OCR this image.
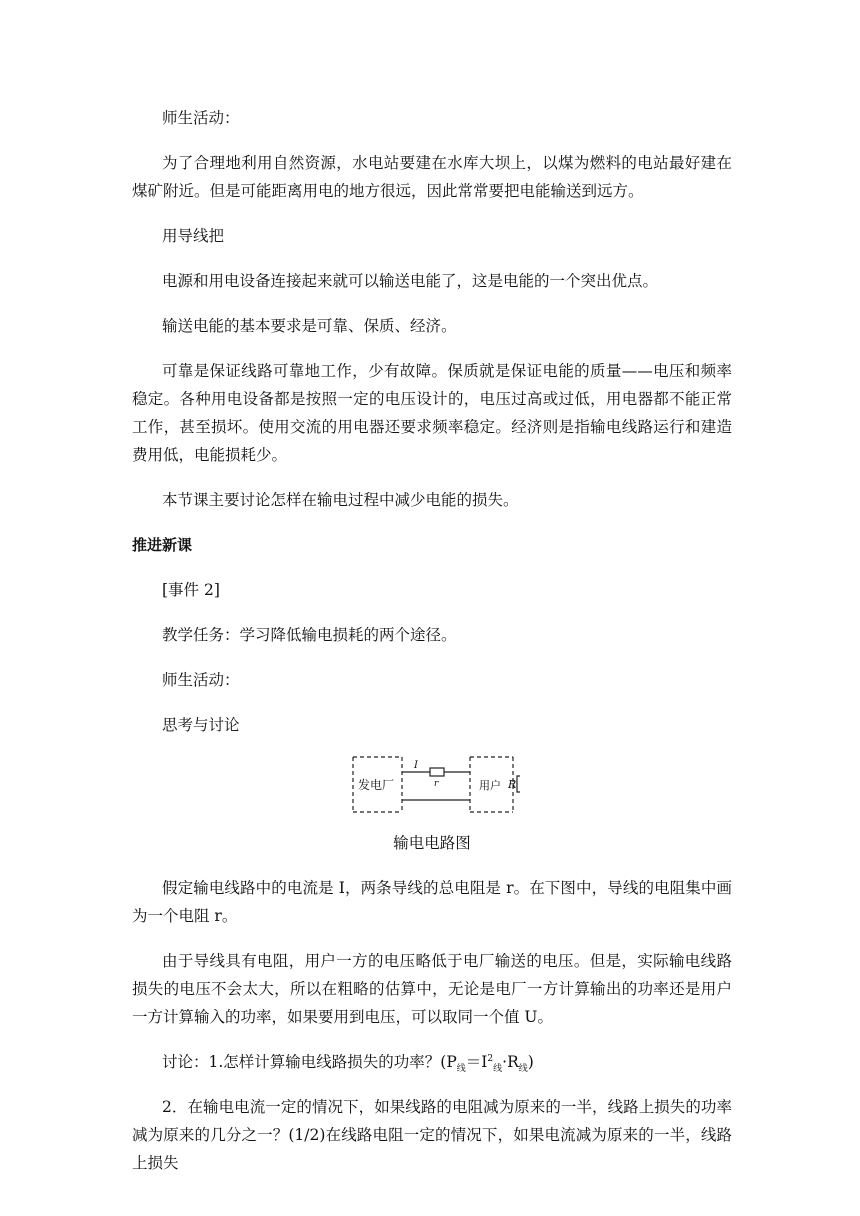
师生活动：

为了合理地利用自然资源，水电站要建在水库大坝上，以煤为燃料的电站最好建在煤矿附近。但是可能距离用电的地方很远，因此常常要把电能输送到远方。

用导线把

电源和用电设备连接起来就可以输送电能了，这是电能的一个突出优点。

输送电能的基本要求是可靠、保质、经济。

可靠是保证线路可靠地工作，少有故障。保质就是保证电能的质量——电压和频率稳定。各种用电设备都是按照一定的电压设计的，电压过高或过低，用电器都不能正常工作，甚至损坏。使用交流的用电器还要求频率稳定。经济则是指输电线路运行和建造费用低，电能损耗少。

本节课主要讨论怎样在输电过程中减少电能的损失。

推进新课

[事件 2]

教学任务：学习降低输电损耗的两个途径。

师生活动：

思考与讨论

发电厂	用户
I
r	R

输电电路图

假定输电线路中的电流是 I，两条导线的总电阻是 r。在下图中，导线的电阻集中画为一个电阻 r。

由于导线具有电阻，用户一方的电压略低于电厂输送的电压。但是，实际输电线路损失的电压不会太大，所以在粗略的估算中，无论是电厂一方计算输出的功率还是用户一方计算输入的功率，如果要用到电压，可以取同一个值 U。

讨论：1.怎样计算输电线路损失的功率？$(P_线=I^2_线\cdot R_线)$

2．在输电电流一定的情况下，如果线路的电阻减为原来的一半，线路上损失的功率减为原来的几分之一？(1/2)在线路电阻一定的情况下，如果电流减为原来的一半，线路上损失
